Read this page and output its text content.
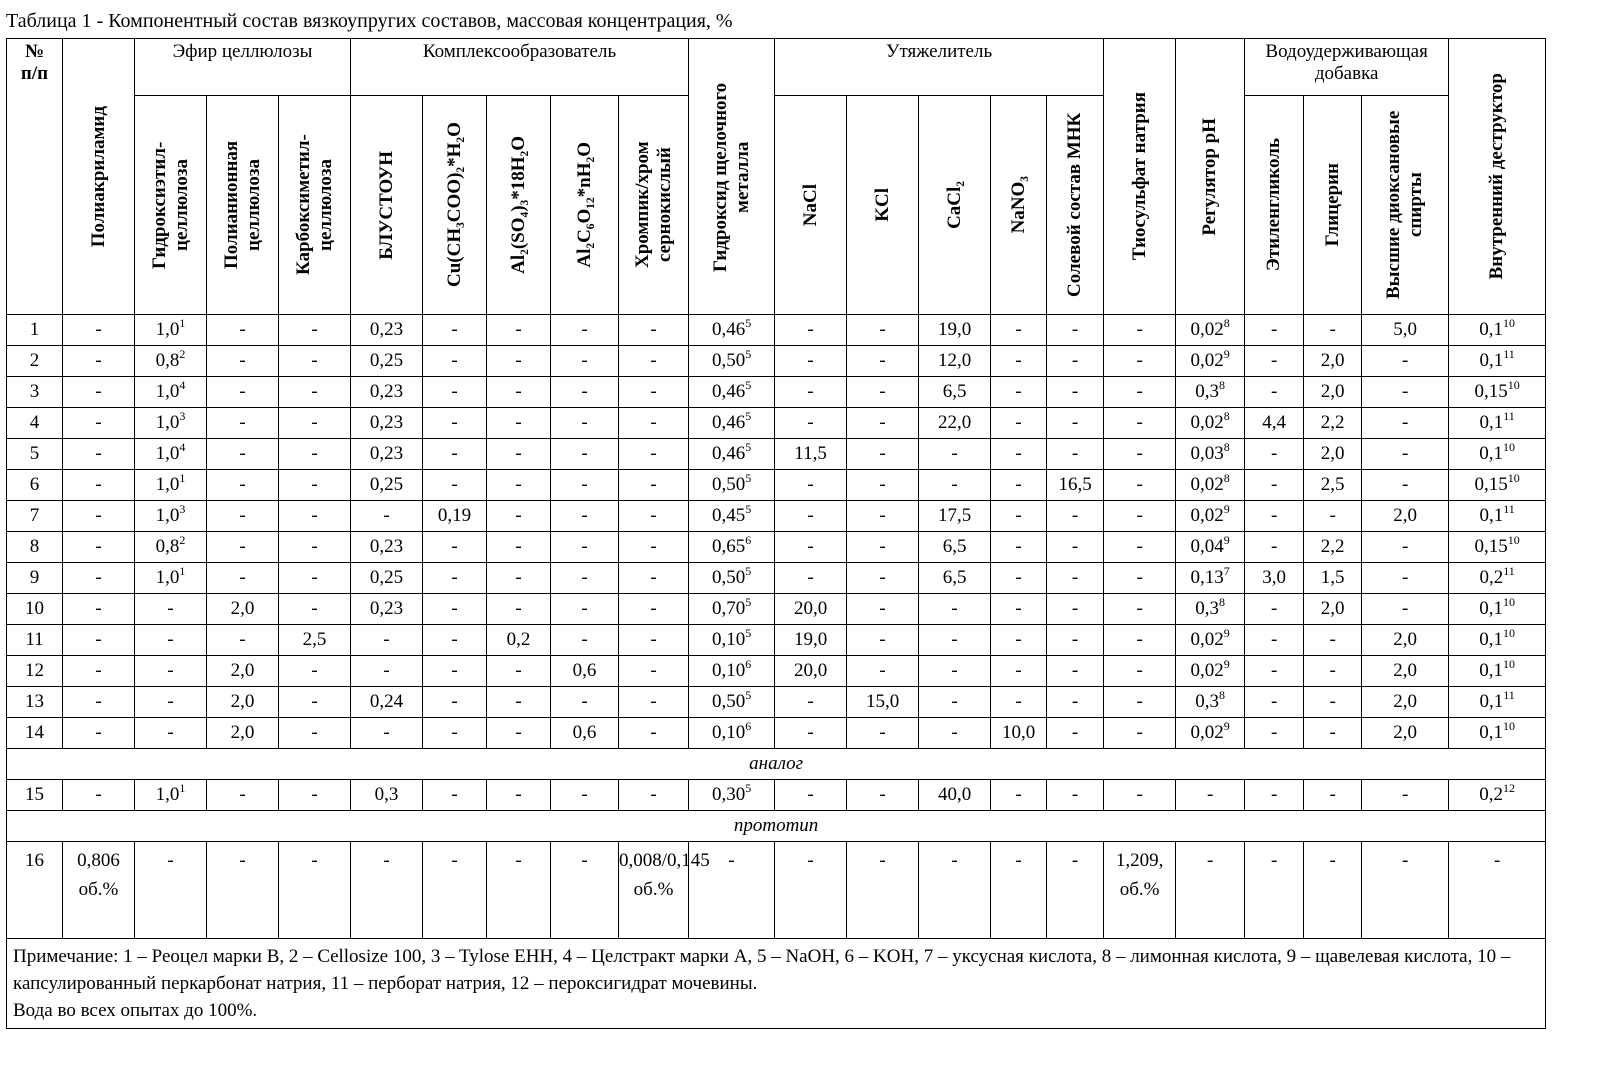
Таблица 1 - Компонентный состав вязкоупругих составов, массовая концентрация, %
№ п/п	Полиакриламид	Эфир целлюлозы			Комплексообразователь					Гидроксид щелочного металла	Утяжелитель					Тиосульфат натрия	Регулятор pH	Водоудерживающая добавка			Внутренний деструктор

		Гидроксиэтил-целлюлоза	Полианионная целлюлоза	Карбоксиметил-целлюлоза	БЛУСТОУН	Cu(CH₃COO)₂*H₂O	Al₂(SO₄)₃*18H₂O	Al₂C₆O₁₂*nH₂O	Хромпик/хром сернокислый		NaCl	KCl	CaCl₂	NaNO₃	Солевой состав МНК			Этиленгликоль	Глицерин	Высшие диоксановые спирты	

1	-	$1,0^1$	-	-	0,23	-	-	-	-	0,46$^5$	-	-	19,0	-	-	-	0,02$^8$	-	-	5,0	$0,1^{10}$
2	-	$0,8^2$	-	-	0,25	-	-	-	-	0,50$^5$	-	-	12,0	-	-	-	0,02$^9$	-	2,0	-	$0,1^{11}$
3	-	$1,0^4$	-	-	0,23	-	-	-	-	0,46$^5$	-	-	6,5	-	-	-	$0,3^8$	-	2,0	-	0,15$^{10}$
4	-	$1,0^3$	-	-	0,23	-	-	-	-	0,46$^5$	-	-	22,0	-	-	-	0,02$^8$	4,4	2,2	-	$0,1^{11}$
5	-	$1,0^4$	-	-	0,23	-	-	-	-	0,46$^5$	11,5	-	-	-	-	-	0,03$^8$	-	2,0	-	$0,1^{10}$
6	-	$1,0^1$	-	-	0,25	-	-	-	-	0,50$^5$	-	-	-	-	16,5	-	0,02$^8$	-	2,5	-	0,15$^{10}$
7	-	$1,0^3$	-	-	-	0,19	-	-	-	0,45$^5$	-	-	17,5	-	-	-	0,02$^9$	-	-	2,0	$0,1^{11}$
8	-	$0,8^2$	-	-	0,23	-	-	-	-	0,65$^6$	-	-	6,5	-	-	-	0,04$^9$	-	2,2	-	0,15$^{10}$
9	-	$1,0^1$	-	-	0,25	-	-	-	-	0,50$^5$	-	-	6,5	-	-	-	0,13$^7$	3,0	1,5	-	$0,2^{11}$
10	-	-	2,0	-	0,23	-	-	-	-	0,70$^5$	20,0	-	-	-	-	-	$0,3^8$	-	2,0	-	$0,1^{10}$
11	-	-	-	2,5	-	-	0,2	-	-	0,10$^5$	19,0	-	-	-	-	-	0,02$^9$	-	-	2,0	$0,1^{10}$
12	-	-	2,0	-	-	-	-	0,6	-	0,10$^6$	20,0	-	-	-	-	-	0,02$^9$	-	-	2,0	$0,1^{10}$
13	-	-	2,0	-	0,24	-	-	-	-	0,50$^5$	-	15,0	-	-	-	-	$0,3^8$	-	-	2,0	$0,1^{11}$
14	-	-	2,0	-	-	-	-	0,6	-	0,10$^6$	-	-	-	10,0	-	-	0,02$^9$	-	-	2,0	$0,1^{10}$
аналог																					
15	-	$1,0^1$	-	-	0,3	-	-	-	-	0,30$^5$	-	-	40,0	-	-	-	-	-	-	-	$0,2^{12}$
прототип																					
16	0,806 об.%	-	-	-	-	-	-	-	0,008/0,145 об.%	-	-	-	-	-	-	1,209, об.%	-	-	-	-	-

Примечание: 1 – Реоцел марки В, 2 – Cellosize 100, 3 – Tylose EHH, 4 – Целстракт марки А, 5 – NaOH, 6 – KOH, 7 – уксусная кислота, 8 – лимонная кислота, 9 – щавелевая кислота, 10 – капсулированный перкарбонат натрия, 11 – перборат натрия, 12 – пероксигидрат мочевины.
Вода во всех опытах до 100%.																					
